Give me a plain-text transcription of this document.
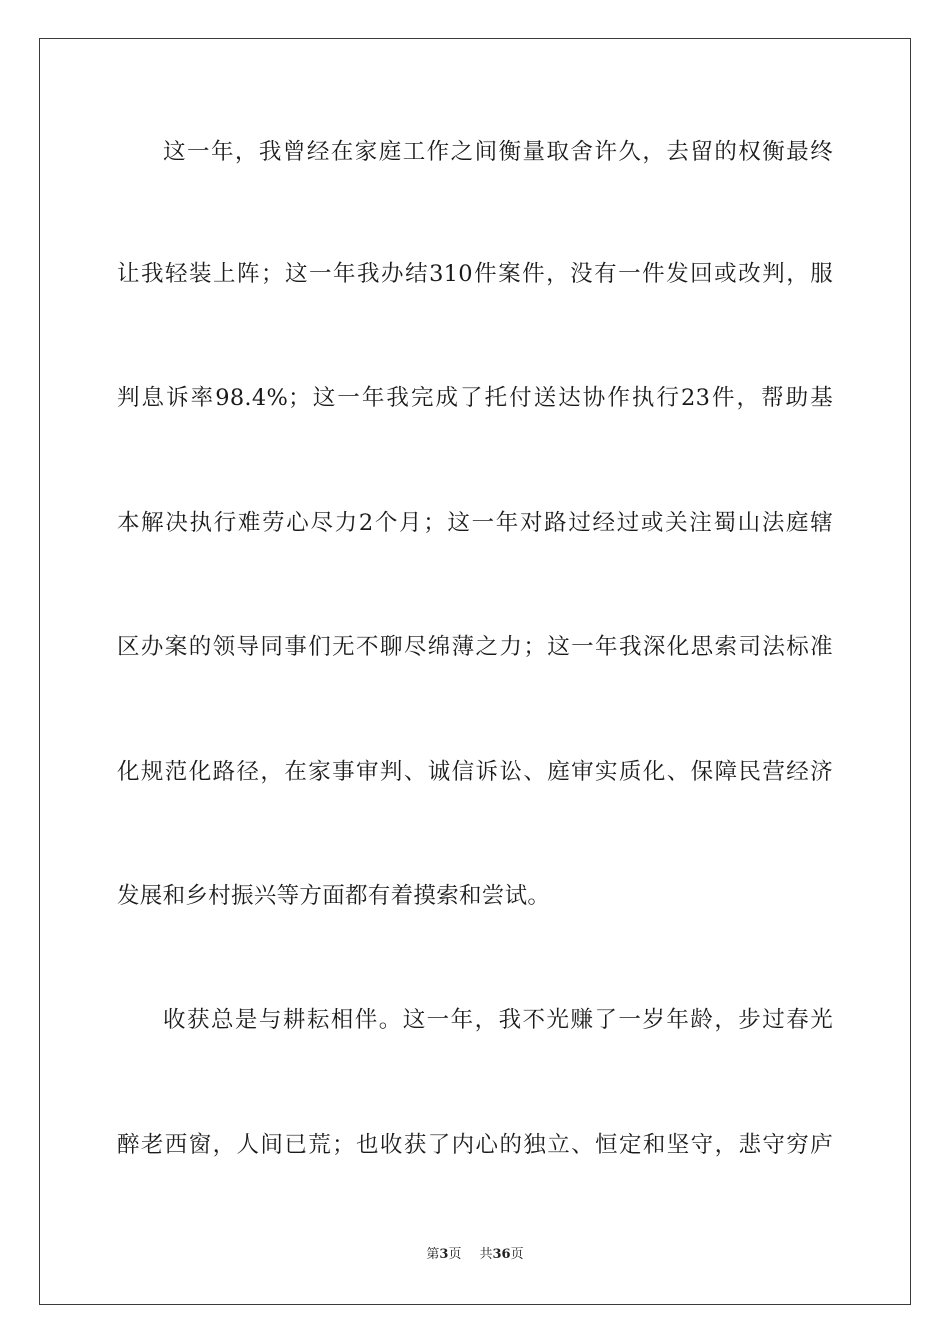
这一年，我曾经在家庭工作之间衡量取舍许久，去留的权衡最终
让我轻装上阵；这一年我办结310件案件，没有一件发回或改判，服
判息诉率98.4%；这一年我完成了托付送达协作执行23件，帮助基
本解决执行难劳心尽力2个月；这一年对路过经过或关注蜀山法庭辖
区办案的领导同事们无不聊尽绵薄之力；这一年我深化思索司法标准
化规范化路径，在家事审判、诚信诉讼、庭审实质化、保障民营经济
发展和乡村振兴等方面都有着摸索和尝试。
收获总是与耕耘相伴。这一年，我不光赚了一岁年龄，步过春光
醉老西窗，人间已荒；也收获了内心的独立、恒定和坚守，悲守穷庐
第3页 共36页
